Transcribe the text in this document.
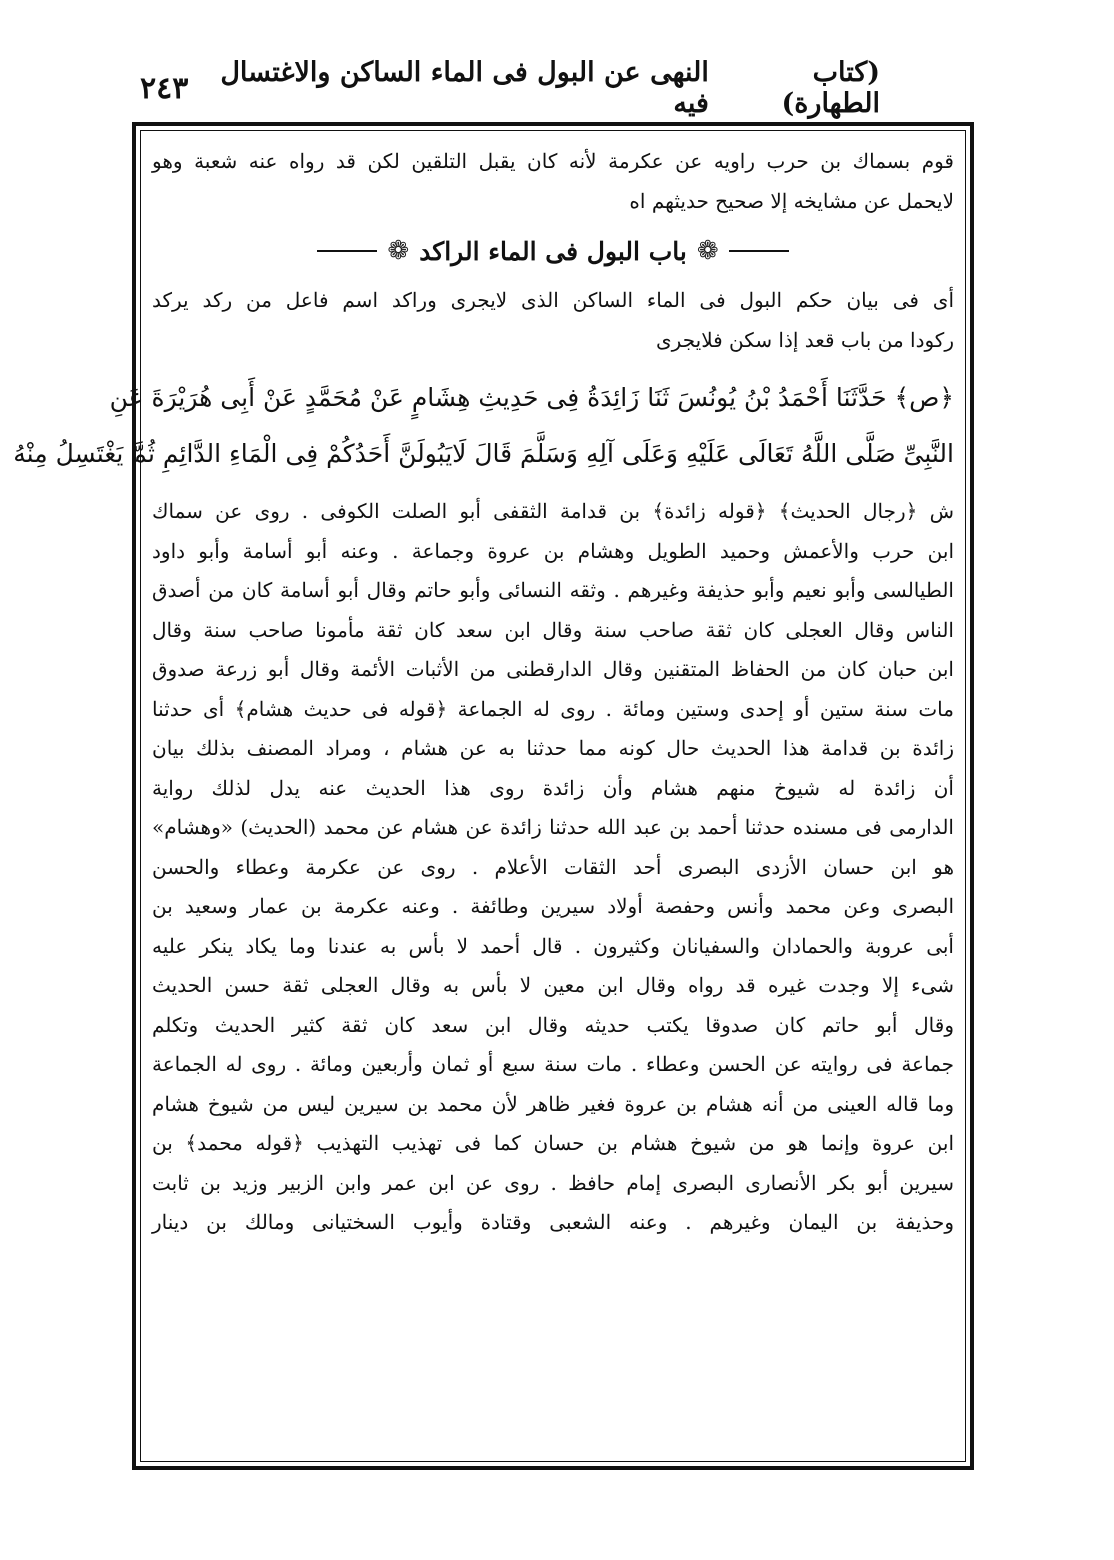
(كتاب الطهارة)
النهى عن البول فى الماء الساكن والاغتسال فيه
٢٤٣
قوم بسماك بن حرب راويه عن عكرمة لأنه كان يقبل التلقين لكن قد رواه عنه شعبة وهو
لايحمل عن مشايخه إلا صحيح حديثهم اه
❁
باب البول فى الماء الراكد
❁
أى فى بيان حكم البول فى الماء الساكن الذى لايجرى وراكد اسم فاعل من ركد يركد
ركودا من باب قعد إذا سكن فلايجرى
﴿ص﴾ حَدَّثَنَا أَحْمَدُ بْنُ يُونُسَ ثَنَا زَائِدَةُ فِى حَدِيثِ هِشَامٍ عَنْ مُحَمَّدٍ عَنْ أَبِى هُرَيْرَةَ عَنِ
النَّبِىِّ صَلَّى اللَّهُ تَعَالَى عَلَيْهِ وَعَلَى آلِهِ وَسَلَّمَ قَالَ لَايَبُولَنَّ أَحَدُكُمْ فِى الْمَاءِ الدَّائِمِ ثُمَّ يَغْتَسِلُ مِنْهُ
ش ﴿رجال الحديث﴾ ﴿قوله زائدة﴾ بن قدامة الثقفى أبو الصلت الكوفى . روى عن سماك
ابن حرب والأعمش وحميد الطويل وهشام بن عروة وجماعة . وعنه أبو أسامة وأبو داود
الطيالسى وأبو نعيم وأبو حذيفة وغيرهم . وثقه النسائى وأبو حاتم وقال أبو أسامة كان من أصدق
الناس وقال العجلى كان ثقة صاحب سنة وقال ابن سعد كان ثقة مأمونا صاحب سنة وقال
ابن حبان كان من الحفاظ المتقنين وقال الدارقطنى من الأثبات الأئمة وقال أبو زرعة صدوق
مات سنة ستين أو إحدى وستين ومائة . روى له الجماعة ﴿قوله فى حديث هشام﴾ أى حدثنا
زائدة بن قدامة هذا الحديث حال كونه مما حدثنا به عن هشام ، ومراد المصنف بذلك بيان
أن زائدة له شيوخ منهم هشام وأن زائدة روى هذا الحديث عنه يدل لذلك رواية
الدارمى فى مسنده حدثنا أحمد بن عبد الله حدثنا زائدة عن هشام عن محمد (الحديث) «وهشام»
هو ابن حسان الأزدى البصرى أحد الثقات الأعلام . روى عن عكرمة وعطاء والحسن
البصرى وعن محمد وأنس وحفصة أولاد سيرين وطائفة . وعنه عكرمة بن عمار وسعيد بن
أبى عروبة والحمادان والسفيانان وكثيرون . قال أحمد لا بأس به عندنا وما يكاد ينكر عليه
شىء إلا وجدت غيره قد رواه وقال ابن معين لا بأس به وقال العجلى ثقة حسن الحديث
وقال أبو حاتم كان صدوقا يكتب حديثه وقال ابن سعد كان ثقة كثير الحديث وتكلم
جماعة فى روايته عن الحسن وعطاء . مات سنة سبع أو ثمان وأربعين ومائة . روى له الجماعة
وما قاله العينى من أنه هشام بن عروة فغير ظاهر لأن محمد بن سيرين ليس من شيوخ هشام
ابن عروة وإنما هو من شيوخ هشام بن حسان كما فى تهذيب التهذيب ﴿قوله محمد﴾ بن
سيرين أبو بكر الأنصارى البصرى إمام حافظ . روى عن ابن عمر وابن الزبير وزيد بن ثابت
وحذيفة بن اليمان وغيرهم . وعنه الشعبى وقتادة وأيوب السختيانى ومالك بن دينار
